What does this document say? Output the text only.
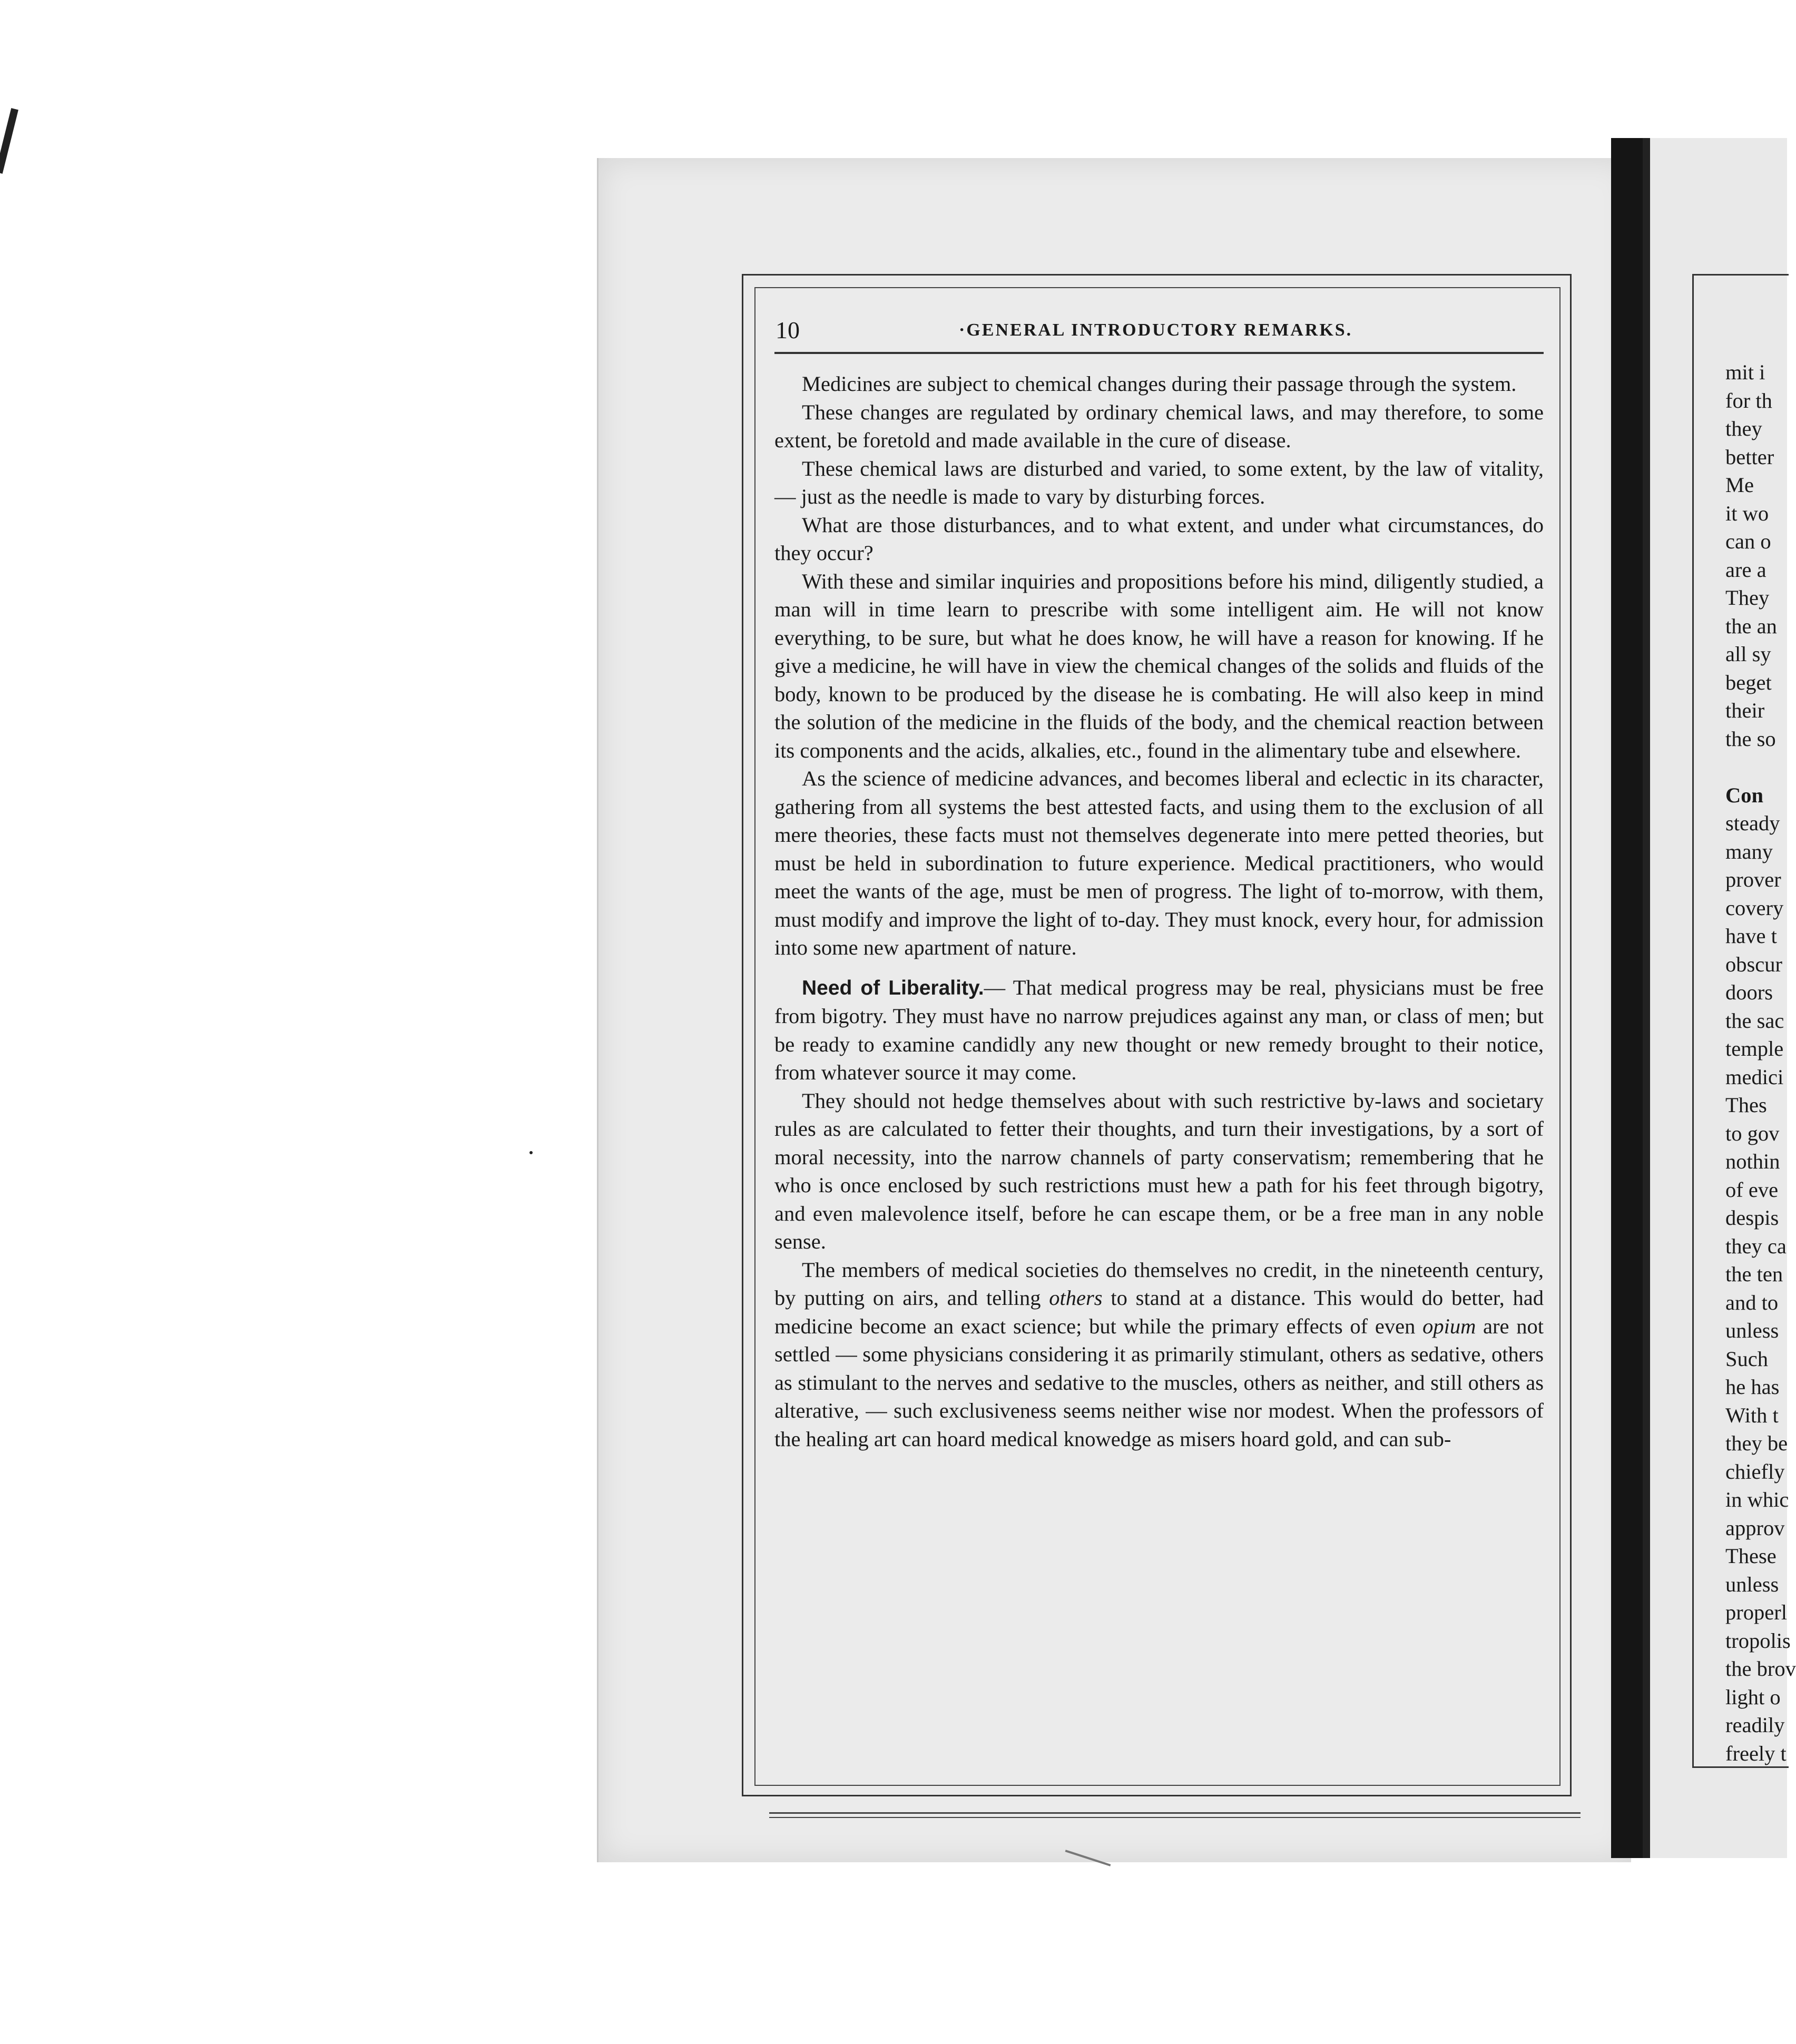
10	·GENERAL INTRODUCTORY REMARKS.

Medicines are subject to chemical changes during their passage through the system.

These changes are regulated by ordinary chemical laws, and may therefore, to some extent, be foretold and made available in the cure of disease.

These chemical laws are disturbed and varied, to some extent, by the law of vitality, — just as the needle is made to vary by disturbing forces.

What are those disturbances, and to what extent, and under what circumstances, do they occur?

With these and similar inquiries and propositions before his mind, diligently studied, a man will in time learn to prescribe with some intelligent aim. He will not know everything, to be sure, but what he does know, he will have a reason for knowing. If he give a medicine, he will have in view the chemical changes of the solids and fluids of the body, known to be produced by the disease he is combating. He will also keep in mind the solution of the medicine in the fluids of the body, and the chemical reaction between its components and the acids, alkalies, etc., found in the alimentary tube and elsewhere.

As the science of medicine advances, and becomes liberal and eclectic in its character, gathering from all systems the best attested facts, and using them to the exclusion of all mere theories, these facts must not themselves degenerate into mere petted theories, but must be held in subordination to future experience. Medical practitioners, who would meet the wants of the age, must be men of progress. The light of to-morrow, with them, must modify and improve the light of to-day. They must knock, every hour, for admission into some new apartment of nature.

Need of Liberality.— That medical progress may be real, physicians must be free from bigotry. They must have no narrow prejudices against any man, or class of men; but be ready to examine candidly any new thought or new remedy brought to their notice, from whatever source it may come.

They should not hedge themselves about with such restrictive by-laws and societary rules as are calculated to fetter their thoughts, and turn their investigations, by a sort of moral necessity, into the narrow channels of party conservatism; remembering that he who is once enclosed by such restrictions must hew a path for his feet through bigotry, and even malevolence itself, before he can escape them, or be a free man in any noble sense.

The members of medical societies do themselves no credit, in the nineteenth century, by putting on airs, and telling others to stand at a distance. This would do better, had medicine become an exact science; but while the primary effects of even opium are not settled — some physicians considering it as primarily stimulant, others as sedative, others as stimulant to the nerves and sedative to the muscles, others as neither, and still others as alterative, — such exclusiveness seems neither wise nor modest. When the professors of the healing art can hoard medical knowedge as misers hoard gold, and can sub-

mit i
for th
they
better
Me
it wo
can o
are a
They
the an
all sy
beget
their
the so
Con
steady
many
prover
covery
have t
obscur
doors
the sac
temple
medici
Thes
to gov
nothin
of eve
despis
they ca
the ten
and to
unless
Such
he has
With t
they be
chiefly
in whic
approv
These
unless
properl
tropolis
the brov
light o
readily
freely t
